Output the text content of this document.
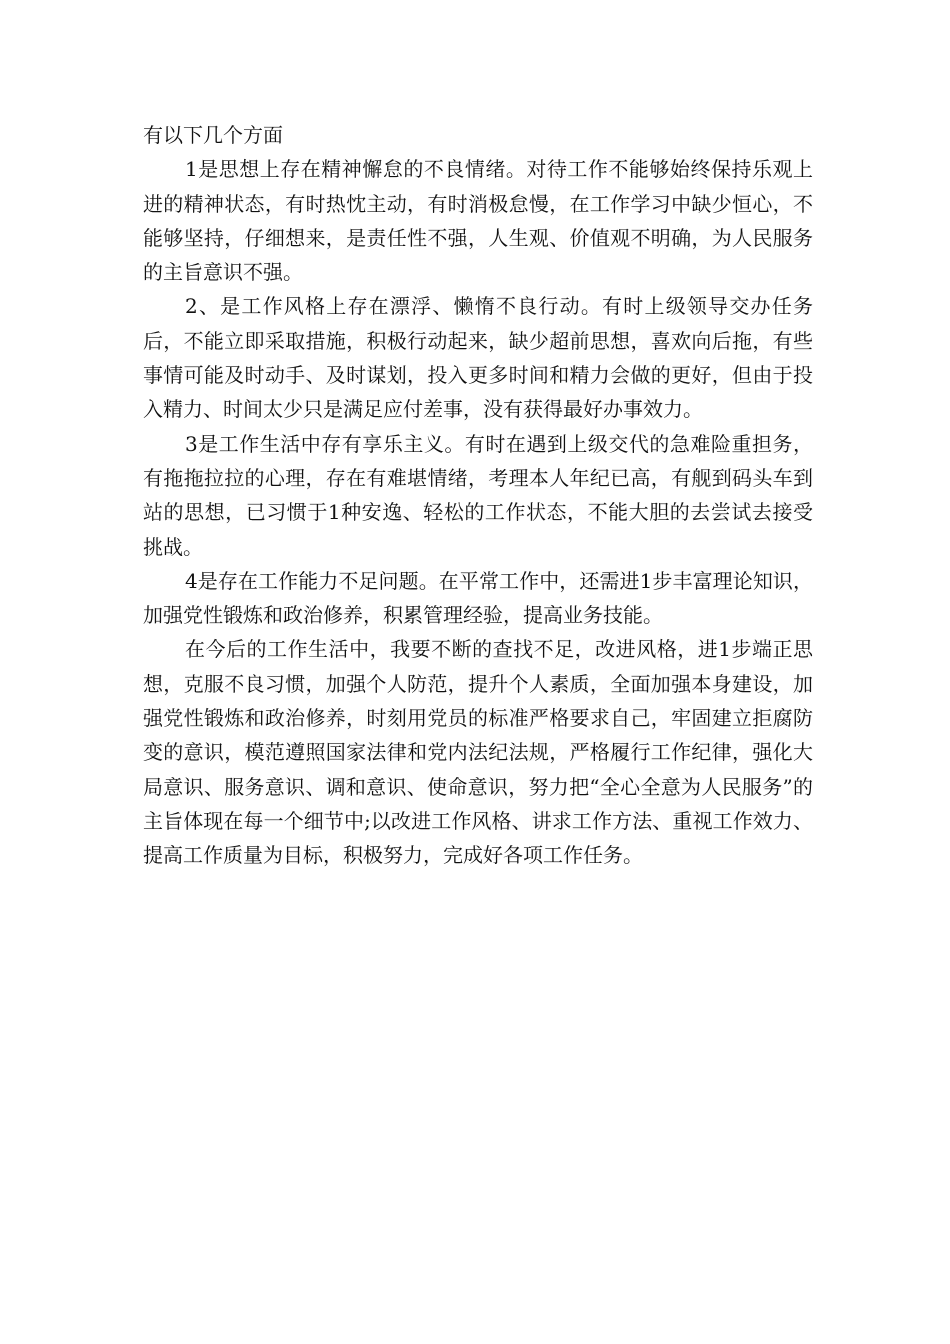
有以下几个方面

1是思想上存在精神懈怠的不良情绪。对待工作不能够始终保持乐观上进的精神状态，有时热忱主动，有时消极怠慢，在工作学习中缺少恒心，不能够坚持，仔细想来，是责任性不强，人生观、价值观不明确，为人民服务的主旨意识不强。

2、是工作风格上存在漂浮、懒惰不良行动。有时上级领导交办任务后，不能立即采取措施，积极行动起来，缺少超前思想，喜欢向后拖，有些事情可能及时动手、及时谋划，投入更多时间和精力会做的更好，但由于投入精力、时间太少只是满足应付差事，没有获得最好办事效力。

3是工作生活中存有享乐主义。有时在遇到上级交代的急难险重担务，有拖拖拉拉的心理，存在有难堪情绪，考理本人年纪已高，有舰到码头车到站的思想，已习惯于1种安逸、轻松的工作状态，不能大胆的去尝试去接受挑战。

4是存在工作能力不足问题。在平常工作中，还需进1步丰富理论知识，加强党性锻炼和政治修养，积累管理经验，提高业务技能。

在今后的工作生活中，我要不断的查找不足，改进风格，进1步端正思想，克服不良习惯，加强个人防范，提升个人素质，全面加强本身建设，加强党性锻炼和政治修养，时刻用党员的标准严格要求自己，牢固建立拒腐防变的意识，模范遵照国家法律和党内法纪法规，严格履行工作纪律，强化大局意识、服务意识、调和意识、使命意识，努力把“全心全意为人民服务”的主旨体现在每一个细节中;以改进工作风格、讲求工作方法、重视工作效力、提高工作质量为目标，积极努力，完成好各项工作任务。
